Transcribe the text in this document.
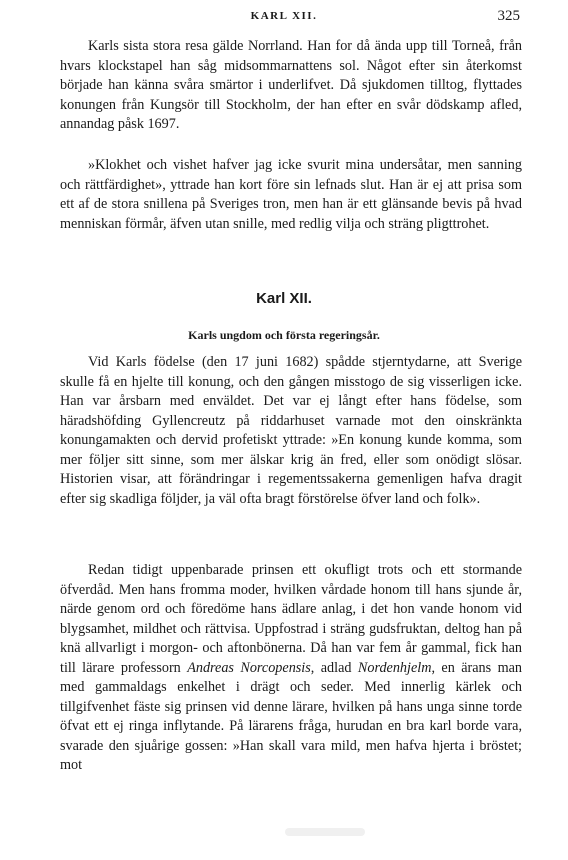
KARL XII.	325

Karls sista stora resa gälde Norrland. Han for då ända upp till Torneå, från hvars klockstapel han såg midsommarnattens sol. Något efter sin återkomst började han känna svåra smärtor i underlifvet. Då sjukdomen tilltog, flyttades konungen från Kungsör till Stockholm, der han efter en svår dödskamp afled, annandag påsk 1697.

»Klokhet och vishet hafver jag icke svurit mina undersåtar, men sanning och rättfärdighet», yttrade han kort före sin lefnads slut. Han är ej att prisa som ett af de stora snillena på Sveriges tron, men han är ett glänsande bevis på hvad menniskan förmår, äfven utan snille, med redlig vilja och sträng pligttrohet.

Karl XII.
Karls ungdom och första regeringsår.

Vid Karls födelse (den 17 juni 1682) spådde stjerntydarne, att Sverige skulle få en hjelte till konung, och den gången misstogo de sig visserligen icke. Han var årsbarn med enväldet. Det var ej långt efter hans födelse, som häradshöfding Gyllencreutz på riddarhuset varnade mot den oinskränkta konungamakten och dervid profetiskt yttrade: »En konung kunde komma, som mer följer sitt sinne, som mer älskar krig än fred, eller som onödigt slösar. Historien visar, att förändringar i regementssakerna gemenligen hafva dragit efter sig skadliga följder, ja väl ofta bragt förstörelse öfver land och folk».

Redan tidigt uppenbarade prinsen ett okufligt trots och ett stormande öfverdåd. Men hans fromma moder, hvilken vårdade honom till hans sjunde år, närde genom ord och föredöme hans ädlare anlag, i det hon vande honom vid blygsamhet, mildhet och rättvisa. Uppfostrad i sträng gudsfruktan, deltog han på knä allvarligt i morgon- och aftonbönerna. Då han var fem år gammal, fick han till lärare professorn Andreas Norcopensis, adlad Nordenhjelm, en ärans man med gammaldags enkelhet i drägt och seder. Med innerlig kärlek och tillgifvenhet fäste sig prinsen vid denne lärare, hvilken på hans unga sinne torde öfvat ett ej ringa inflytande. På lärarens fråga, hurudan en bra karl borde vara, svarade den sjuårige gossen: »Han skall vara mild, men hafva hjerta i bröstet; mot
